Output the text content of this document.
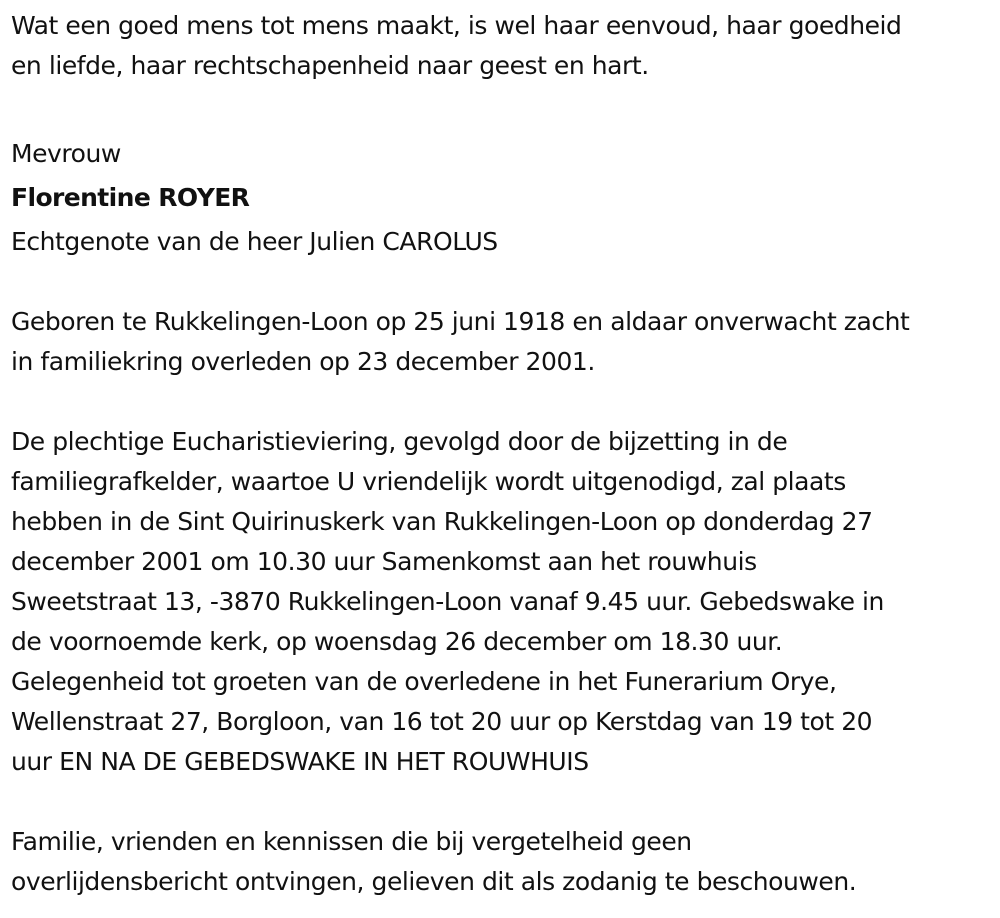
Wat een goed mens tot mens maakt, is wel haar eenvoud, haar goedheid
en liefde, haar rechtschapenheid naar geest en hart.
Mevrouw
Florentine ROYER
Echtgenote van de heer Julien CAROLUS
Geboren te Rukkelingen-Loon op 25 juni 1918 en aldaar onverwacht zacht
in familiekring overleden op 23 december 2001.
De plechtige Eucharistieviering, gevolgd door de bijzetting in de
familiegrafkelder, waartoe U vriendelijk wordt uitgenodigd, zal plaats
hebben in de Sint Quirinuskerk van Rukkelingen-Loon op donderdag 27
december 2001 om 10.30 uur Samenkomst aan het rouwhuis
Sweetstraat 13, -3870 Rukkelingen-Loon vanaf 9.45 uur. Gebedswake in
de voornoemde kerk, op woensdag 26 december om 18.30 uur.
Gelegenheid tot groeten van de overledene in het Funerarium Orye,
Wellenstraat 27, Borgloon, van 16 tot 20 uur op Kerstdag van 19 tot 20
uur EN NA DE GEBEDSWAKE IN HET ROUWHUIS
Familie, vrienden en kennissen die bij vergetelheid geen
overlijdensbericht ontvingen, gelieven dit als zodanig te beschouwen.
